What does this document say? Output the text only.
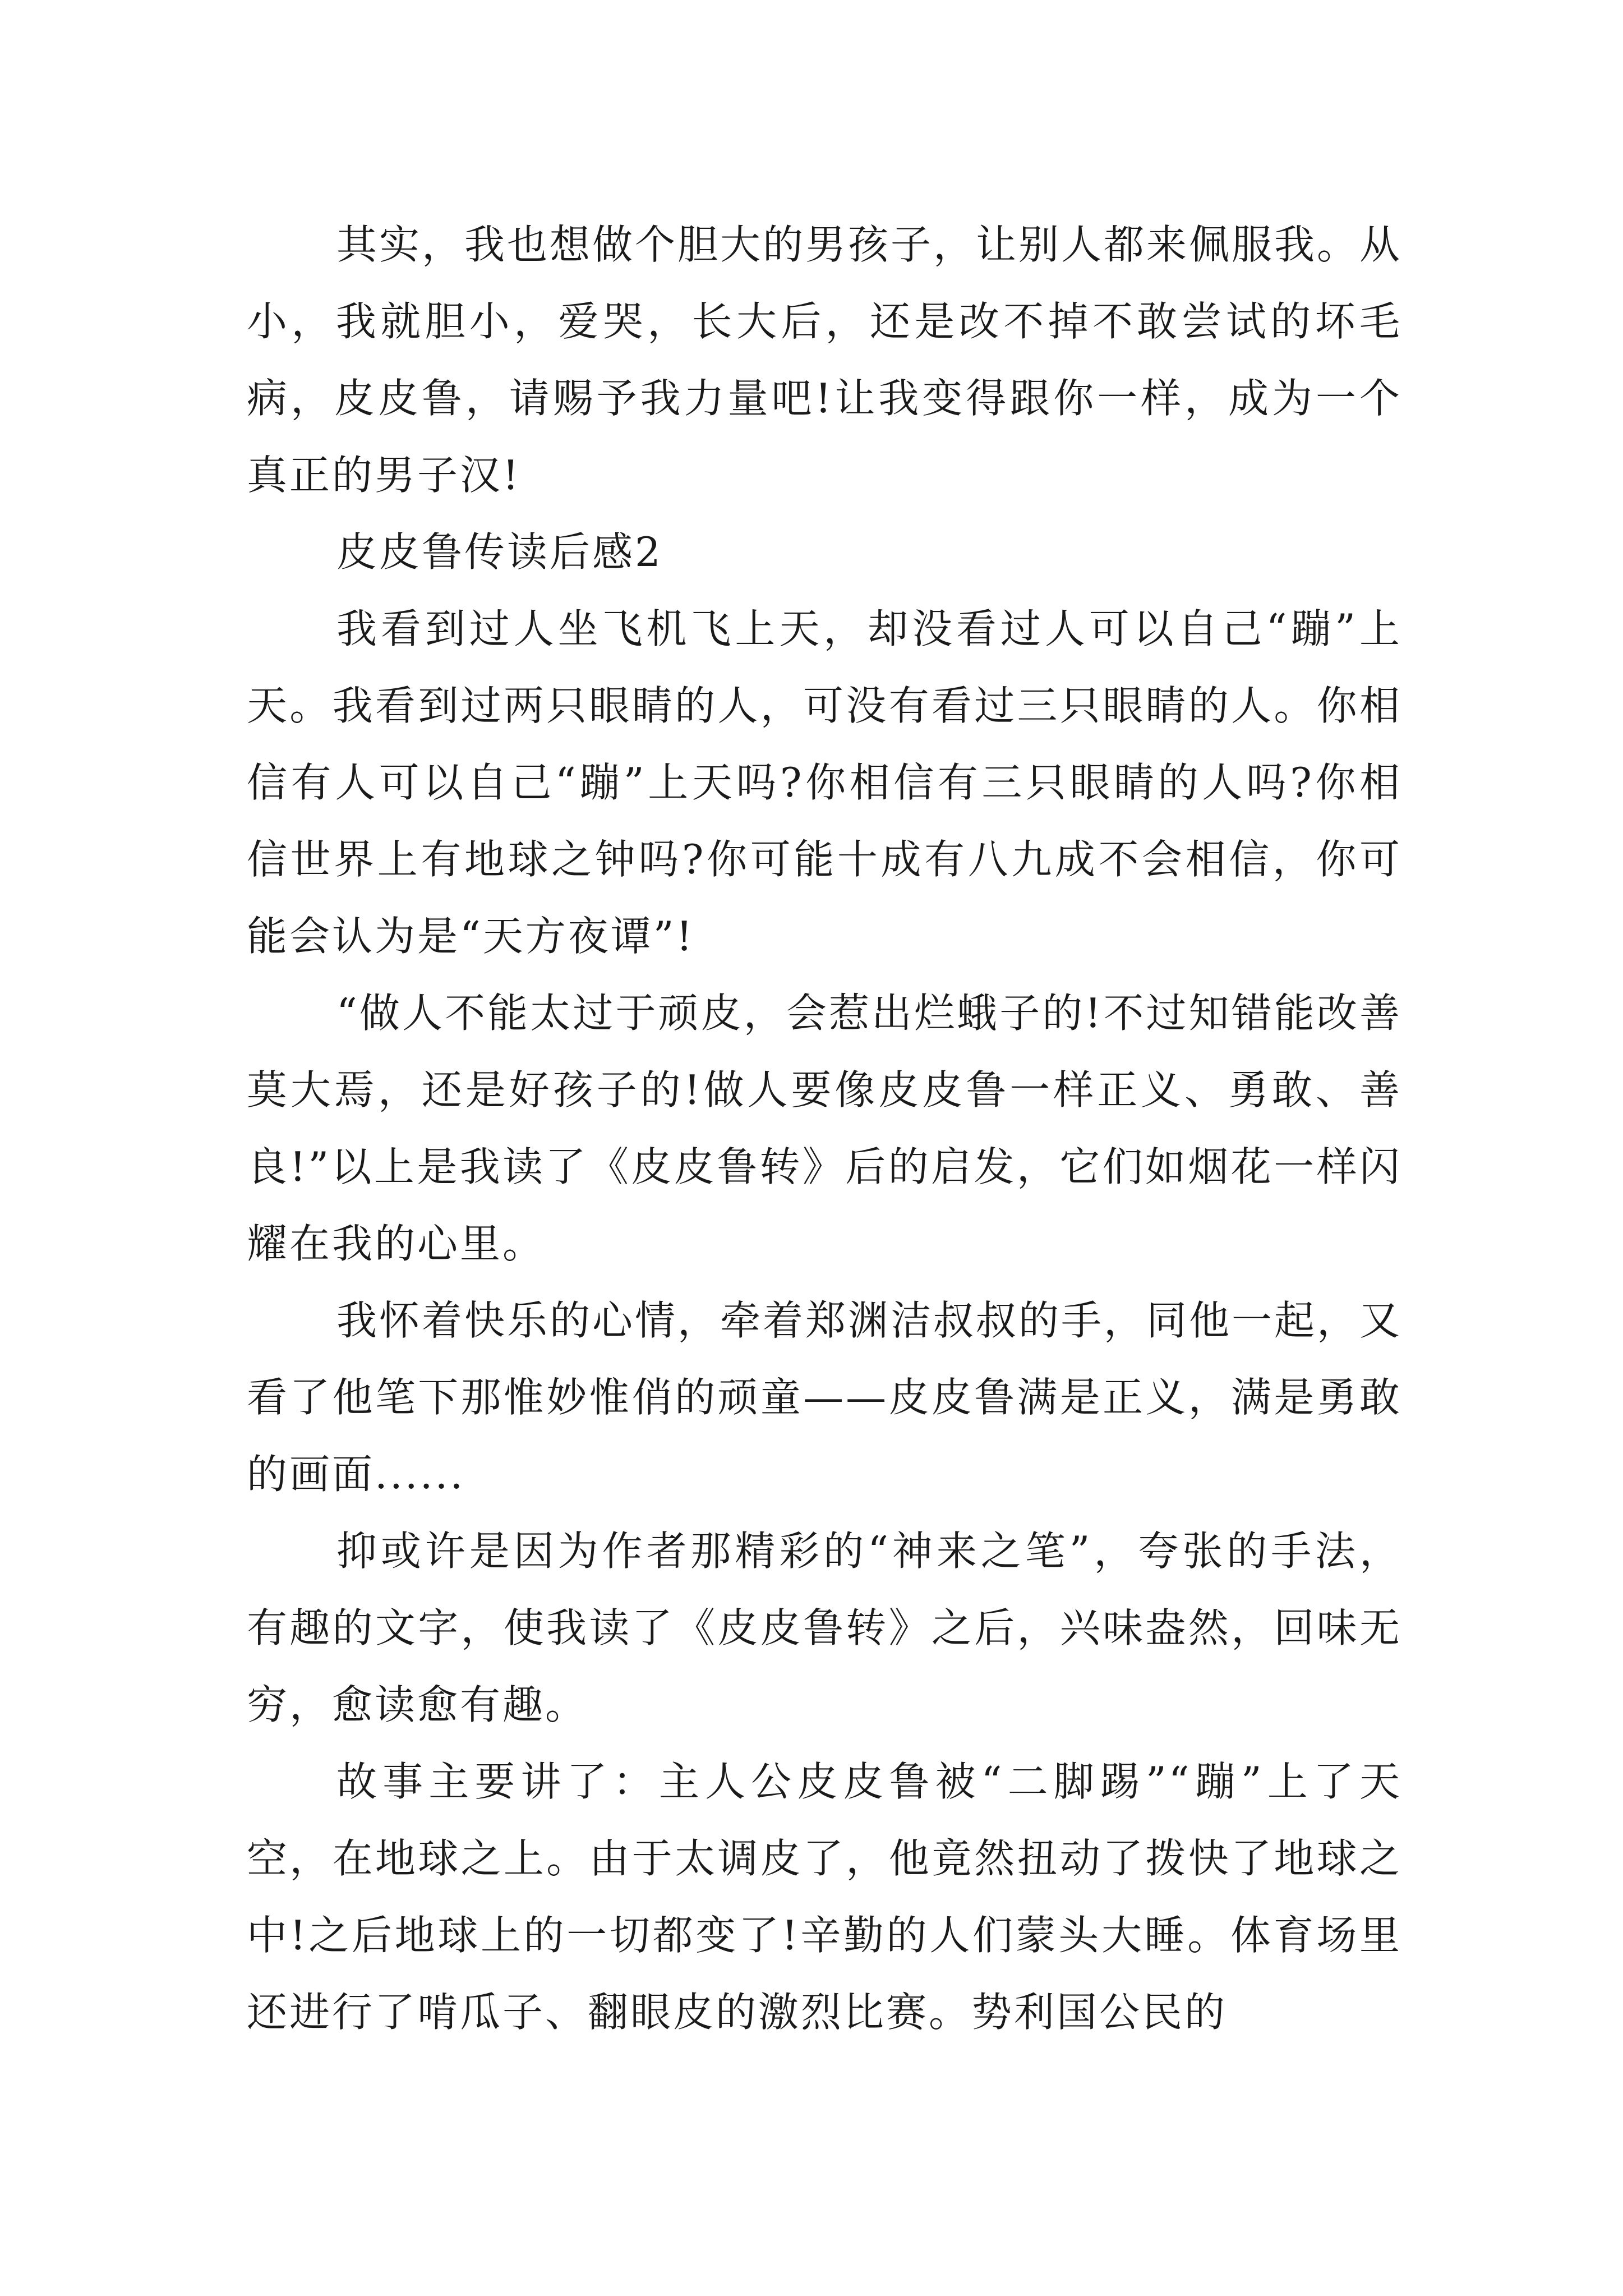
其实，我也想做个胆大的男孩子，让别人都来佩服我。从小，我就胆小，爱哭，长大后，还是改不掉不敢尝试的坏毛病，皮皮鲁，请赐予我力量吧!让我变得跟你一样，成为一个真正的男子汉!

皮皮鲁传读后感2

我看到过人坐飞机飞上天，却没看过人可以自己“蹦”上天。我看到过两只眼睛的人，可没有看过三只眼睛的人。你相信有人可以自己“蹦”上天吗?你相信有三只眼睛的人吗?你相信世界上有地球之钟吗?你可能十成有八九成不会相信，你可能会认为是“天方夜谭”!

“做人不能太过于顽皮，会惹出烂蛾子的!不过知错能改善莫大焉，还是好孩子的!做人要像皮皮鲁一样正义、勇敢、善良!”以上是我读了《皮皮鲁转》后的启发，它们如烟花一样闪耀在我的心里。

我怀着快乐的心情，牵着郑渊洁叔叔的手，同他一起，又看了他笔下那惟妙惟俏的顽童——皮皮鲁满是正义，满是勇敢的画面......

抑或许是因为作者那精彩的“神来之笔”，夸张的手法，有趣的文字，使我读了《皮皮鲁转》之后，兴味盎然，回味无穷，愈读愈有趣。

故事主要讲了：主人公皮皮鲁被“二脚踢”“蹦”上了天空，在地球之上。由于太调皮了，他竟然扭动了拨快了地球之中!之后地球上的一切都变了!辛勤的人们蒙头大睡。体育场里还进行了啃瓜子、翻眼皮的激烈比赛。势利国公民的
